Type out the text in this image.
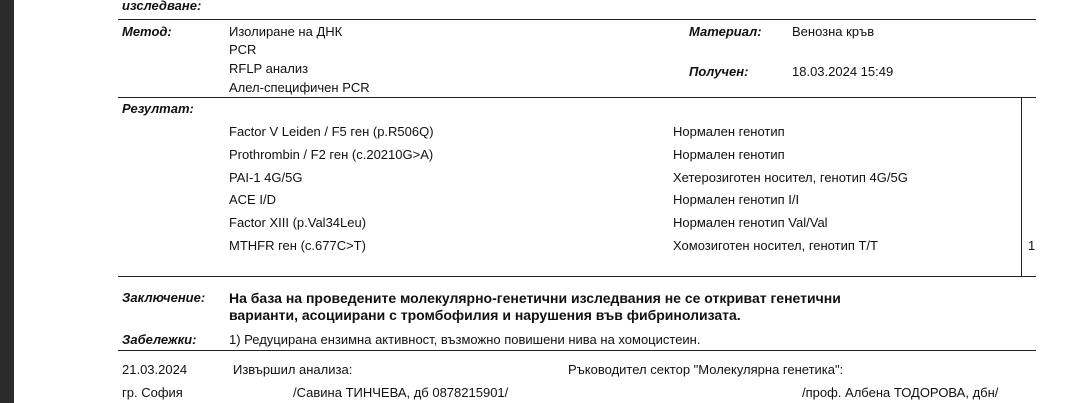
изследване:
Метод:	Изолиране на ДНК
PCR
RFLP анализ
Алел-специфичен PCR
Материал: Венозна кръв
Получен:	18.03.2024 15:49
Резултат:
Factor V Leiden / F5 ген (p.R506Q)	Нормален генотип
Prothrombin / F2 ген (c.20210G>A)	Нормален генотип
PAI-1 4G/5G	Хетерозиготен носител, генотип 4G/5G
ACE I/D	Нормален генотип I/I
Factor XIII (p.Val34Leu)	Нормален генотип Val/Val
MTHFR ген (c.677C>T)	Хомозиготен носител, генотип T/T	1
Заключение: На база на проведените молекулярно-генетични изследвания не се откриват генетични
варианти, асоциирани с тромбофилия и нарушения във фибринолизата.
Забележки:	1) Редуцирана ензимна активност, възможно повишени нива на хомоцистеин.
21.03.2024	Извършил анализа:	Ръководител сектор "Молекулярна генетика":
гр. София	/Савина ТИНЧЕВА, дб 0878215901/	/проф. Албена ТОДОРОВА, дбн/
